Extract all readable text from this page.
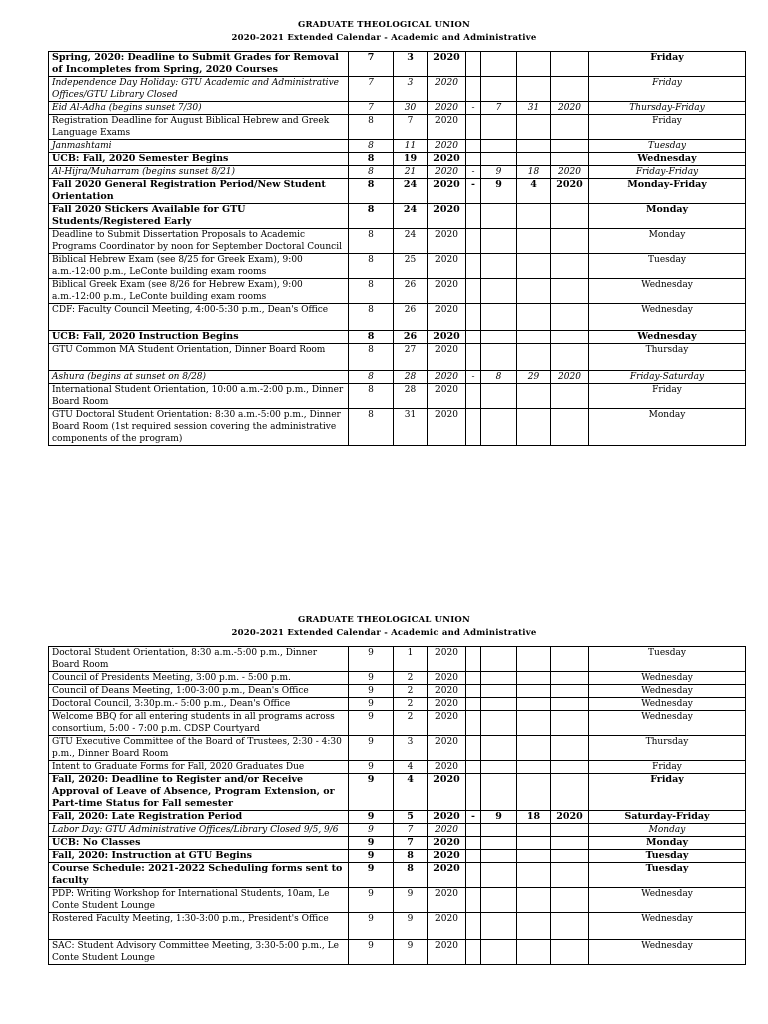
GRADUATE THEOLOGICAL UNION
2020-2021 Extended Calendar - Academic and Administrative
Spring, 2020: Deadline to Submit Grades for Removal of Incompletes from Spring, 2020 Courses	7	3	2020					Friday
Independence Day Holiday: GTU Academic and Administrative Offices/GTU Library Closed	7	3	2020					Friday
Eid Al-Adha (begins sunset 7/30)	7	30	2020	-	7	31	2020	Thursday-Friday
Registration Deadline for August Biblical Hebrew and Greek Language Exams	8	7	2020					Friday
Janmashtami	8	11	2020					Tuesday
UCB: Fall, 2020 Semester Begins	8	19	2020					Wednesday
Al-Hijra/Muharram (begins sunset 8/21)	8	21	2020	-	9	18	2020	Friday-Friday
Fall 2020 General Registration Period/New Student Orientation	8	24	2020	-	9	4	2020	Monday-Friday
Fall 2020 Stickers Available for GTU Students/Registered Early	8	24	2020					Monday
Deadline to Submit Dissertation Proposals to Academic Programs Coordinator by noon for September Doctoral Council	8	24	2020					Monday
Biblical Hebrew Exam (see 8/25 for Greek Exam), 9:00 a.m.-12:00 p.m., LeConte building exam rooms	8	25	2020					Tuesday
Biblical Greek Exam (see 8/26 for Hebrew Exam), 9:00 a.m.-12:00 p.m., LeConte building exam rooms	8	26	2020					Wednesday
CDF: Faculty Council Meeting, 4:00-5:30 p.m., Dean's Office	8	26	2020					Wednesday
UCB: Fall, 2020 Instruction Begins	8	26	2020					Wednesday
GTU Common MA Student Orientation, Dinner Board Room	8	27	2020					Thursday
Ashura (begins at sunset on 8/28)	8	28	2020	-	8	29	2020	Friday-Saturday
International Student Orientation, 10:00 a.m.-2:00 p.m., Dinner Board Room	8	28	2020					Friday
GTU Doctoral Student Orientation: 8:30 a.m.-5:00 p.m., Dinner Board Room (1st required session covering the administrative components of the program)	8	31	2020					Monday
GRADUATE THEOLOGICAL UNION
2020-2021 Extended Calendar - Academic and Administrative
Doctoral Student Orientation, 8:30 a.m.-5:00 p.m., Dinner Board Room	9	1	2020					Tuesday
Council of Presidents Meeting, 3:00 p.m. - 5:00 p.m.	9	2	2020					Wednesday
Council of Deans Meeting, 1:00-3:00 p.m., Dean's Office	9	2	2020					Wednesday
Doctoral Council, 3:30p.m.- 5:00 p.m., Dean's Office	9	2	2020					Wednesday
Welcome BBQ for all entering students in all programs across consortium, 5:00 - 7:00 p.m. CDSP Courtyard	9	2	2020					Wednesday
GTU Executive Committee of the Board of Trustees, 2:30 - 4:30 p.m., Dinner Board Room	9	3	2020					Thursday
Intent to Graduate Forms for Fall, 2020 Graduates Due	9	4	2020					Friday
Fall, 2020: Deadline to Register and/or Receive Approval of Leave of Absence, Program Extension, or Part-time Status for Fall semester	9	4	2020					Friday
Fall, 2020: Late Registration Period	9	5	2020	-	9	18	2020	Saturday-Friday
Labor Day: GTU Administrative Offices/Library Closed 9/5, 9/6	9	7	2020					Monday
UCB: No Classes	9	7	2020					Monday
Fall, 2020: Instruction at GTU Begins	9	8	2020					Tuesday
Course Schedule: 2021-2022 Scheduling forms sent to faculty	9	8	2020					Tuesday
PDP: Writing Workshop for International Students, 10am, Le Conte Student Lounge	9	9	2020					Wednesday
Rostered Faculty Meeting, 1:30-3:00 p.m., President's Office	9	9	2020					Wednesday
SAC: Student Advisory Committee Meeting, 3:30-5:00 p.m., Le Conte Student Lounge	9	9	2020					Wednesday
